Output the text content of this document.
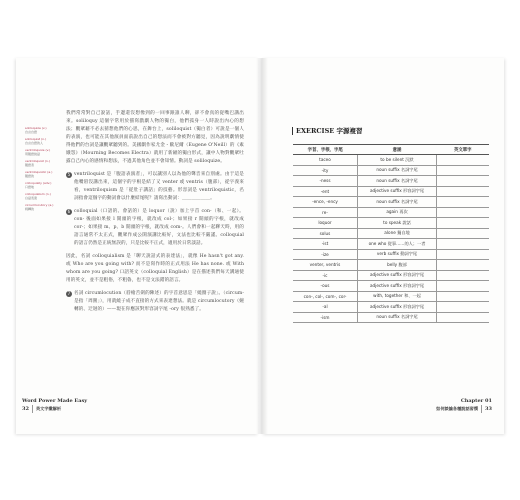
soliloquize (v.)
自言自語
soliloquist (n.)
自言自語的人
ventriloquize (v.)
用腹語說話
ventriloquist (n.)
腹語者
ventriloquistic (a.)
腹語的
colloquially (adv.)
口語地
colloquialism (n.)
白話表達
circumlocutory (a.)
婉轉的
我們常常對自己說話，手邊還沒想像到的一回事跟誰人聊，卻不會真的從嘴巴講出來。soliloquy 這個字常用於描寫戲劇人物的獨白，他們孤身一人時說出內心的想法；觀眾藉不必去猜想他們的心思，在舞台上，soliloquist（獨白者）可說是一個人的表演，也可能在其他演員面前說出自己的想法而不會被對方聽見，因為說明劇情使得他們的台詞是讓觀眾聽到的。美國劇作家尤金・歐尼爾（Eugene O'Neill）的《素娥怨》（Mourning Becomes Electra）就用了新穎的獨白形式，讓中人物對觀眾吐露自己內心的感情和想法，不過其他角色並不會知情。動詞是 soliloquize。
5 ventriloquist 是「腹語表演者」，可以讓別人以為他的聲音來自別處。由于這是他嘴唇沒講出來，這個字的字根是結了又 venter 或 ventris（腹部），從字義來看，ventriloquism 是「從肚子講話」的技藝。形容詞是 ventriloquistic，名詞指會這個字的動詞會以什麼結尾呢？請寫出動詞：＿＿＿＿＿＿。
6 colloquial（口語的、會話的）是 loquor（說）加上字首 con-（和、一起）。con- 後面如果接 l 開頭的字根，就改成 col-；如果接 r 開頭的字根，就改成 cor-；如果接 m、p、b 開頭的字根，就改成 com-。人們會和一起聊天時，用的語言通常不太正式，觀眾作成公開演講比較好，文法也比較不嚴謹。colloquial 的語言仍然是正統無誤的，只是比較不正式，適用於日常談話。
因此，名詞 colloquialism 是「聊天說話式的表達法」，就像 He hasn't got any. 或 Who are you going with? 而不是寫作時的正式用法 He has none. 或 With whom are you going? 口語英文（colloquial English）是在描述我們每天溝通使用的英文，並不是粗俗，不粗魯，也不是文法錯的語言。
7 名詞 circumlocution（唇槍舌劍的陳述）的字首意思是「繞圈子說」。（circum- 是指「周圍」），用就繞子成不直接的方式來表達想法。就是 circumlocutory（婉轉的、迂迴的）——現在你應該對形容詞字尾 -ory 很熟悉了。
Word Power Made Easy
32 英文字彙解析
EXERCISE 字源複習
字首、字根、字尾	意涵	英文單字
taceo	to be silent 沉默	
-ity	noun suffix 名詞字尾	
-ness	noun suffix 名詞字尾	
-ent	adjective suffix 形容詞字尾	
-ence, -ency	noun suffix 名詞字尾	
re-	again 再次	
loquor	to speak 說話	
solus	alone 獨自地	
-ist	one who 從事……的人；一者	
-ize	verb suffix 動詞字尾	
venter, ventris	belly 腹部	
-ic	adjective suffix 形容詞字尾	
-ous	adjective suffix 形容詞字尾	
con-, col-, com-, cor-	with, together 和、一起	
-al	adjective suffix 形容詞字尾	
-ism	noun suffix 名詞字尾	
Chapter 01
如何談論各種說話習慣 33
